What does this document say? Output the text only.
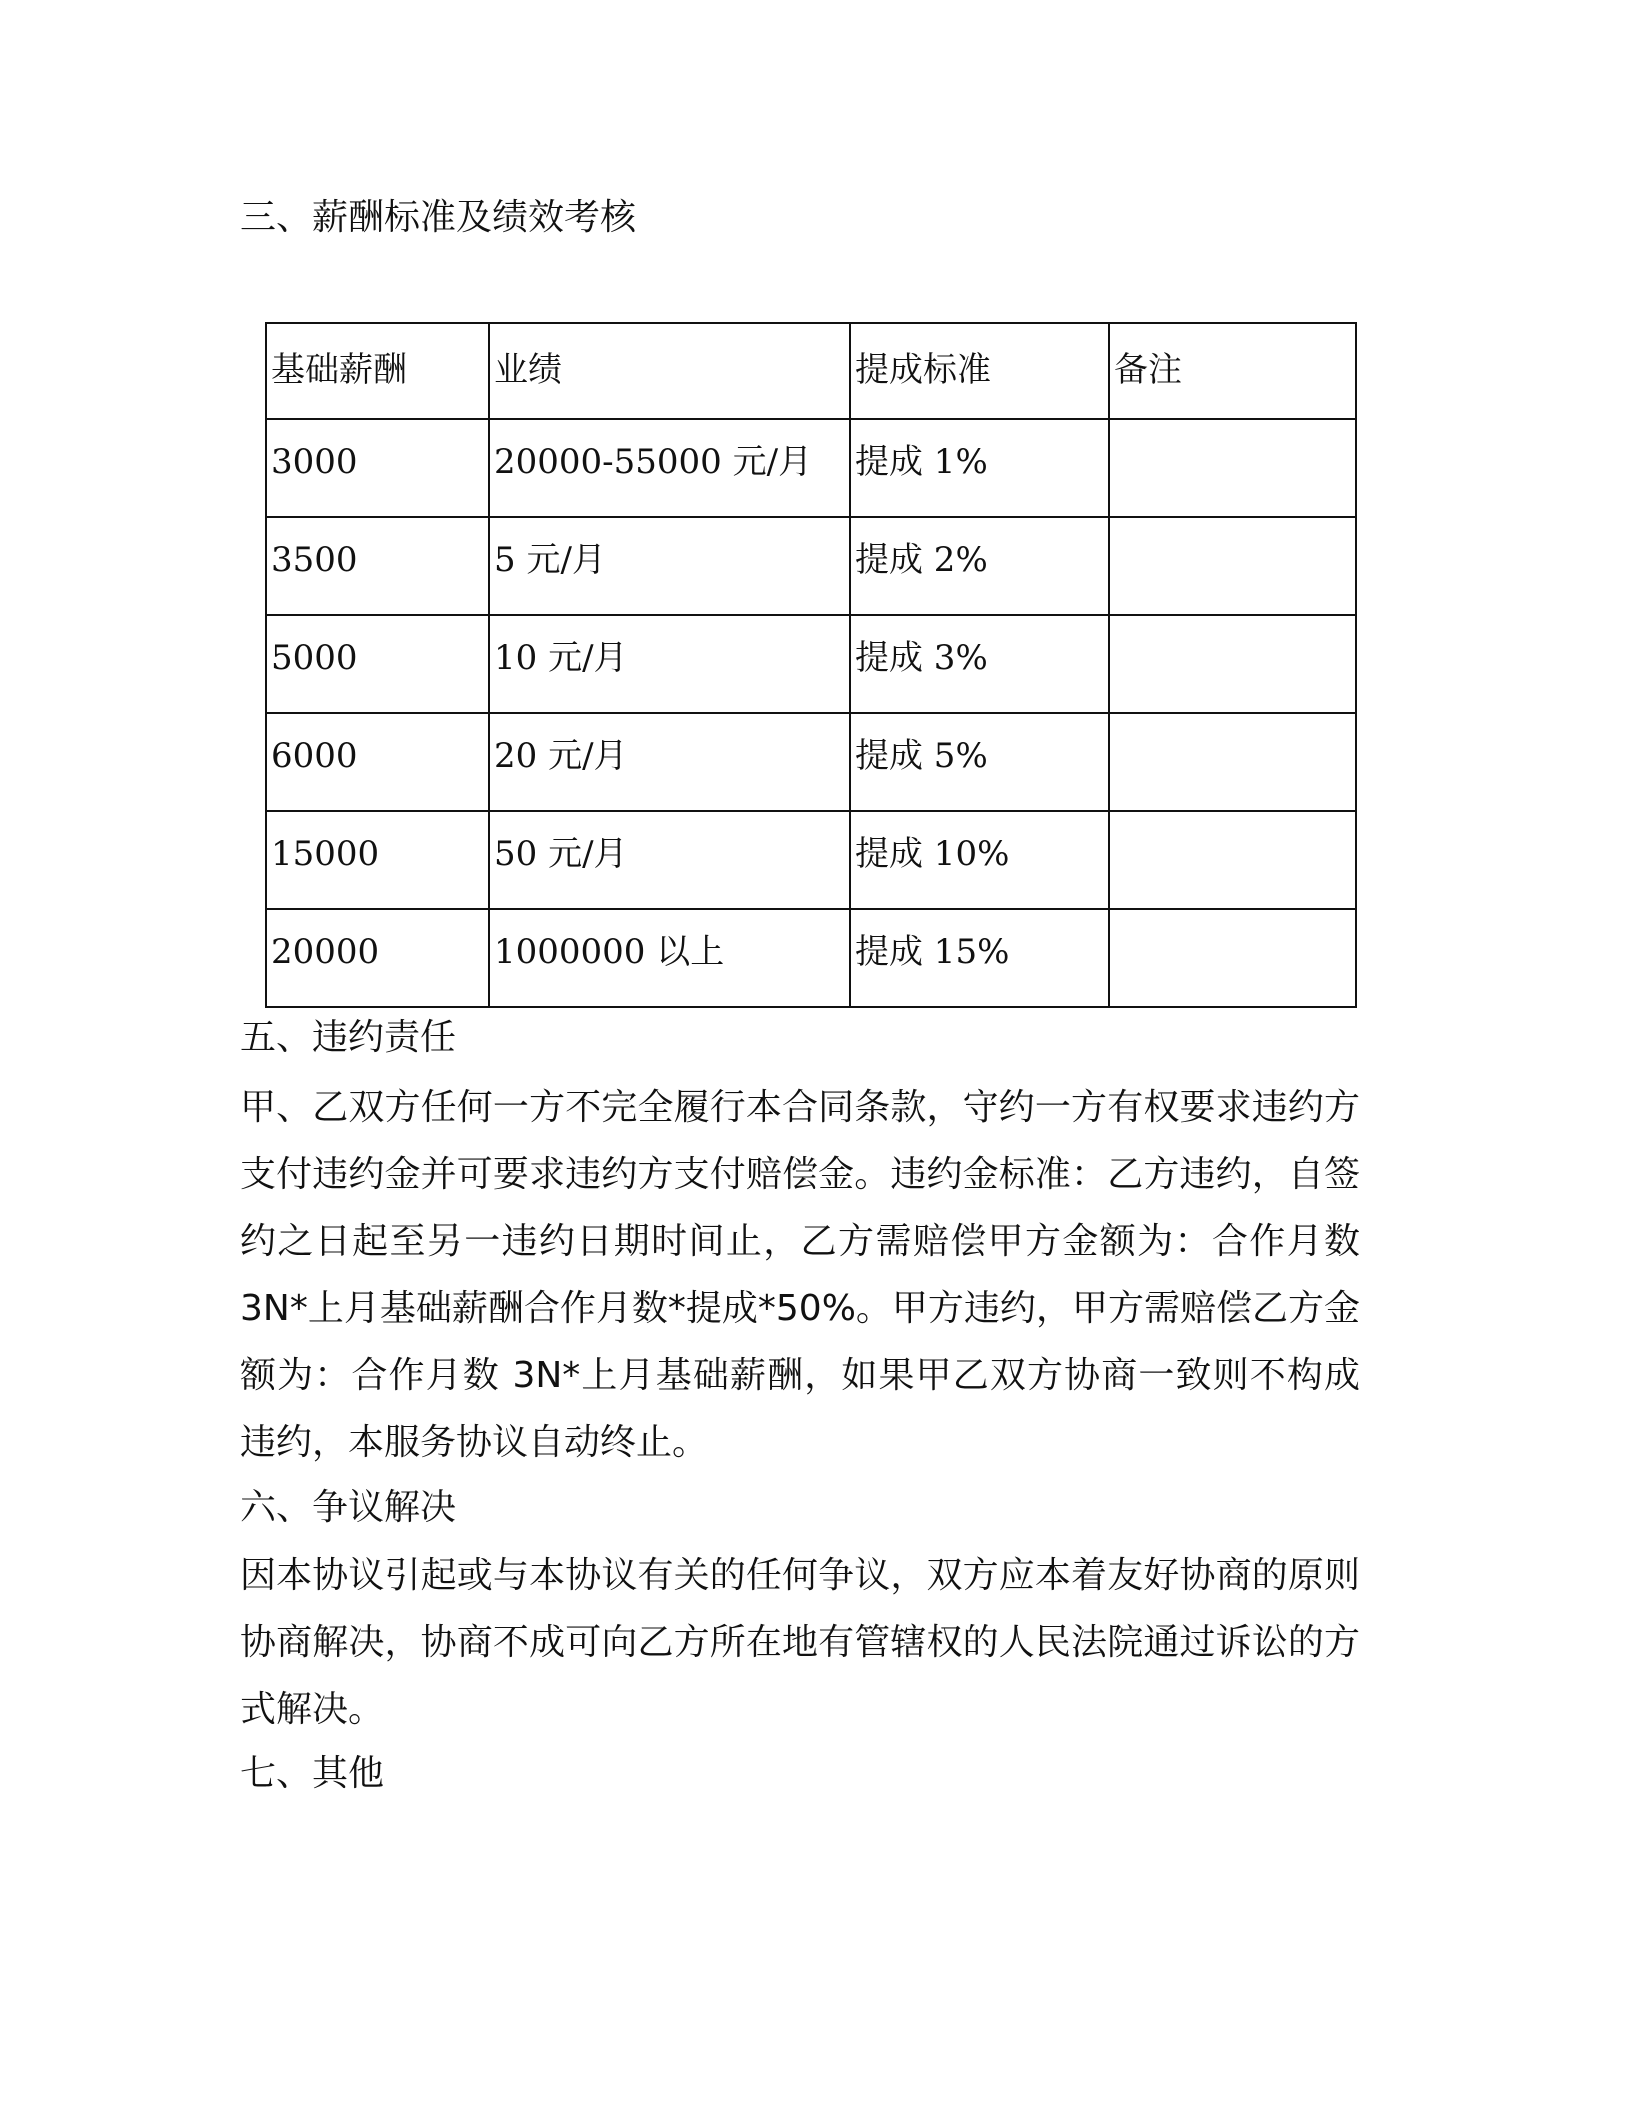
三、薪酬标准及绩效考核
基础薪酬	业绩	提成标准	备注
3000	20000-55000 元/月	提成 1%	
3500	5 元/月	提成 2%	
5000	10 元/月	提成 3%	
6000	20 元/月	提成 5%	
15000	50 元/月	提成 10%	
20000	1000000 以上	提成 15%	
五、违约责任
甲、乙双方任何一方不完全履行本合同条款，守约一方有权要求违约方支付违约金并可要求违约方支付赔偿金。违约金标准：乙方违约，自签约之日起至另一违约日期时间止，乙方需赔偿甲方金额为：合作月数 3N*上月基础薪酬合作月数*提成*50%。甲方违约，甲方需赔偿乙方金额为：合作月数 3N*上月基础薪酬，如果甲乙双方协商一致则不构成违约，本服务协议自动终止。
六、争议解决
因本协议引起或与本协议有关的任何争议，双方应本着友好协商的原则协商解决，协商不成可向乙方所在地有管辖权的人民法院通过诉讼的方式解决。
七、其他
